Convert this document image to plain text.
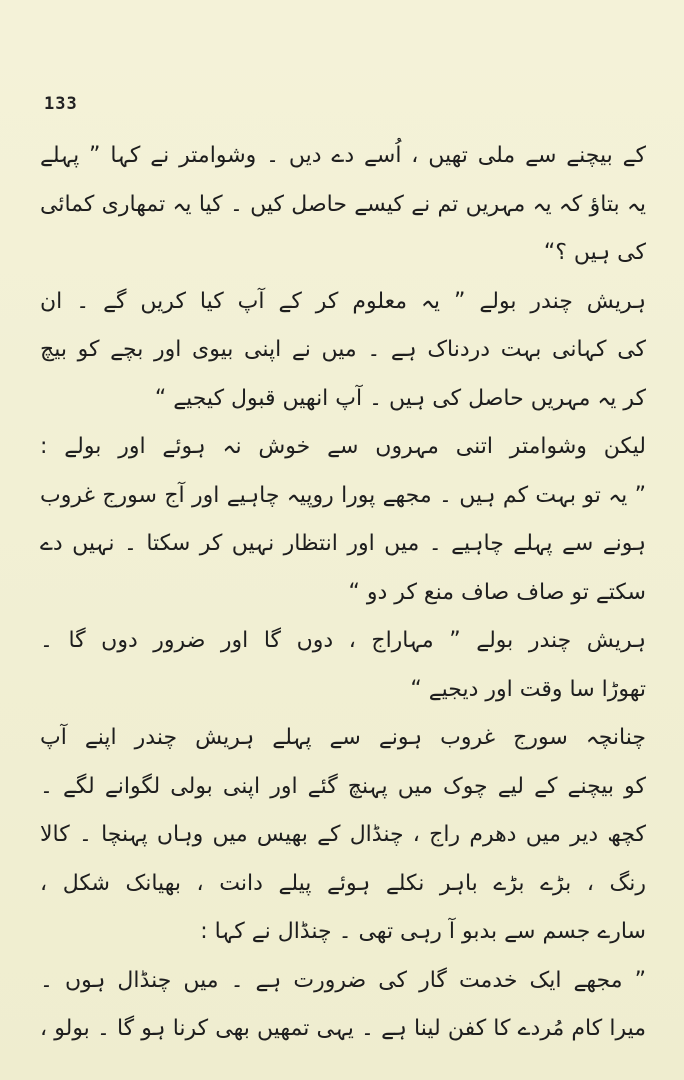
133
کے بیچنے سے ملی تھیں ، اُسے دے دیں ۔ وشوامتر نے کہا ” پہلے
یہ بتاؤ کہ یہ مہریں تم نے کیسے حاصل کیں ۔ کیا یہ تمھاری کمائی
کی ہیں ؟“
ہریش چندر بولے ” یہ معلوم کر کے آپ کیا کریں گے ۔ ان
کی کہانی بہت دردناک ہے ۔ میں نے اپنی بیوی اور بچے کو بیچ
کر یہ مہریں حاصل کی ہیں ۔ آپ انھیں قبول کیجیے “
لیکن وشوامتر اتنی مہروں سے خوش نہ ہوئے اور بولے :
” یہ تو بہت کم ہیں ۔ مجھے پورا روپیہ چاہیے اور آج سورج غروب
ہونے سے پہلے چاہیے ۔ میں اور انتظار نہیں کر سکتا ۔ نہیں دے
سکتے تو صاف صاف منع کر دو “
ہریش چندر بولے ” مہاراج ، دوں گا اور ضرور دوں گا ۔
تھوڑا سا وقت اور دیجیے “
چنانچہ سورج غروب ہونے سے پہلے ہریش چندر اپنے آپ
کو بیچنے کے لیے چوک میں پہنچ گئے اور اپنی بولی لگوانے لگے ۔
کچھ دیر میں دھرم راج ، چنڈال کے بھیس میں وہاں پہنچا ۔ کالا
رنگ ، بڑے بڑے باہر نکلے ہوئے پیلے دانت ، بھیانک شکل ،
سارے جسم سے بدبو آ رہی تھی ۔ چنڈال نے کہا :
” مجھے ایک خدمت گار کی ضرورت ہے ۔ میں چنڈال ہوں ۔
میرا کام مُردے کا کفن لینا ہے ۔ یہی تمھیں بھی کرنا ہو گا ۔ بولو ،
